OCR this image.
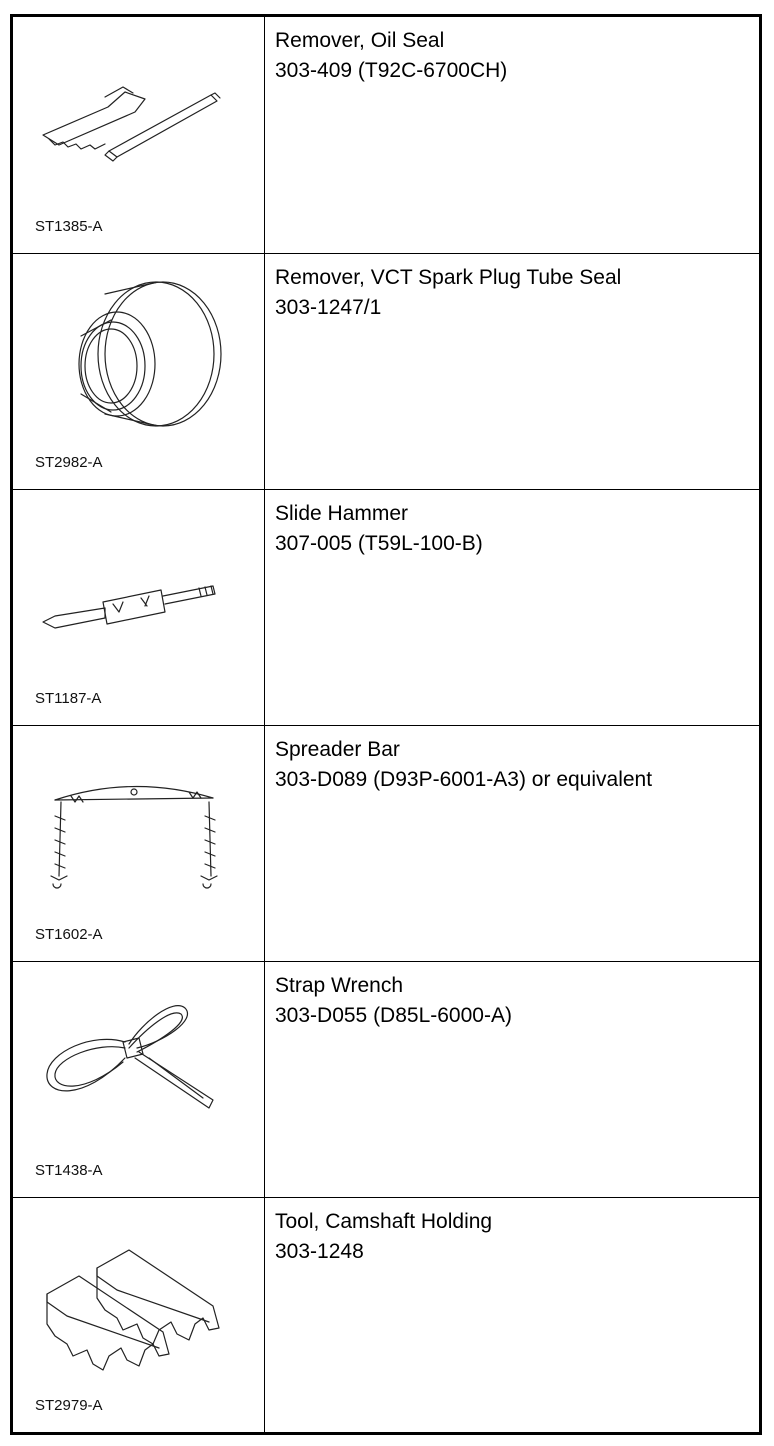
ST1385-A
Remover, Oil Seal
303-409 (T92C-6700CH)
ST2982-A
Remover, VCT Spark Plug Tube Seal
303-1247/1
ST1187-A
Slide Hammer
307-005 (T59L-100-B)
ST1602-A
Spreader Bar
303-D089 (D93P-6001-A3) or equivalent
ST1438-A
Strap Wrench
303-D055 (D85L-6000-A)
ST2979-A
Tool, Camshaft Holding
303-1248
